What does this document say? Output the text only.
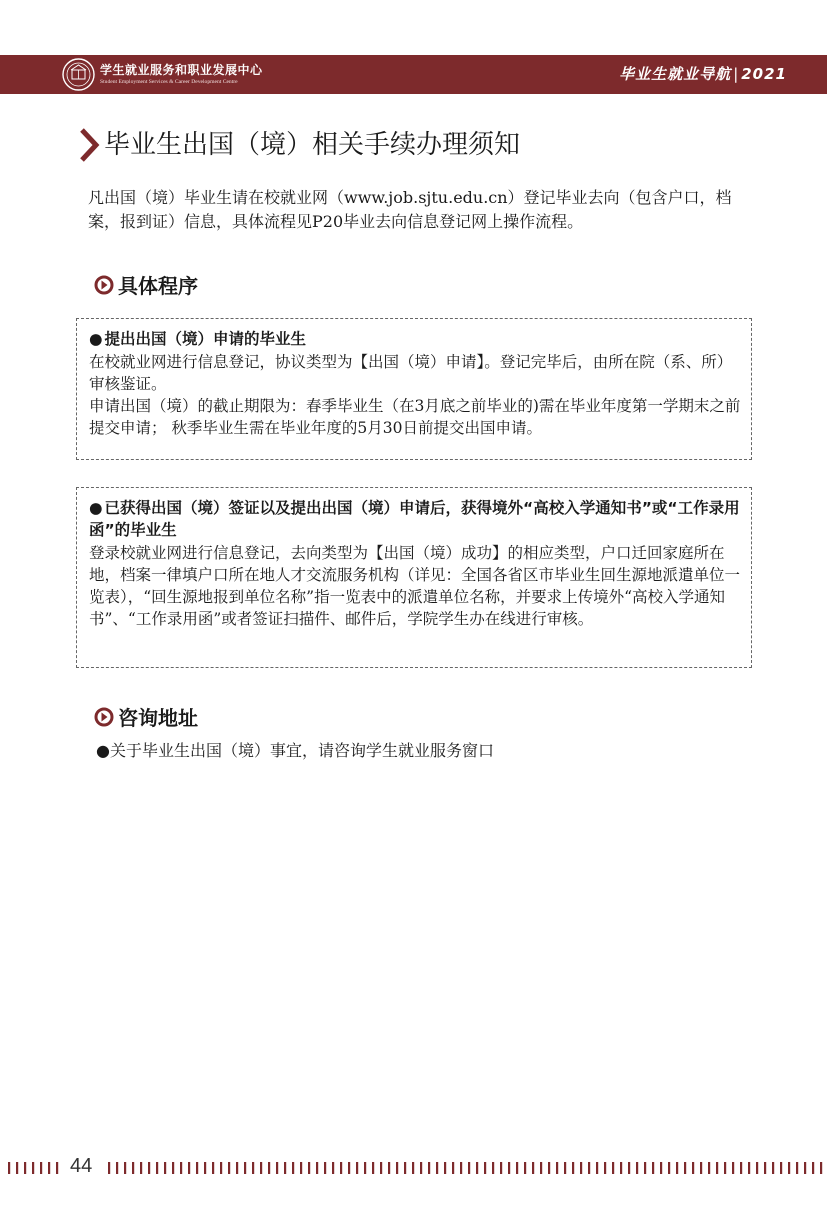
学生就业服务和职业发展中心
Student Employment Services & Career Development Centre	毕业生就业导航 | 2021
毕业生出国（境）相关手续办理须知
凡出国（境）毕业生请在校就业网（www.job.sjtu.edu.cn）登记毕业去向（包含户口，档案，报到证）信息，具体流程见P20毕业去向信息登记网上操作流程。
具体程序
● 提出出国（境）申请的毕业生
在校就业网进行信息登记，协议类型为【出国（境）申请】。登记完毕后，由所在院（系、所）审核鉴证。
申请出国（境）的截止期限为：春季毕业生（在3月底之前毕业的)需在毕业年度第一学期末之前提交申请； 秋季毕业生需在毕业年度的5月30日前提交出国申请。
● 已获得出国（境）签证以及提出出国（境）申请后，获得境外“高校入学通知书”或“工作录用函”的毕业生
登录校就业网进行信息登记，去向类型为【出国（境）成功】的相应类型，户口迁回家庭所在地，档案一律填户口所在地人才交流服务机构（详见：全国各省区市毕业生回生源地派遣单位一览表），“回生源地报到单位名称”指一览表中的派遣单位名称，并要求上传境外“高校入学通知书”、“工作录用函”或者签证扫描件、邮件后，学院学生办在线进行审核。
咨询地址
●关于毕业生出国（境）事宜，请咨询学生就业服务窗口
44
